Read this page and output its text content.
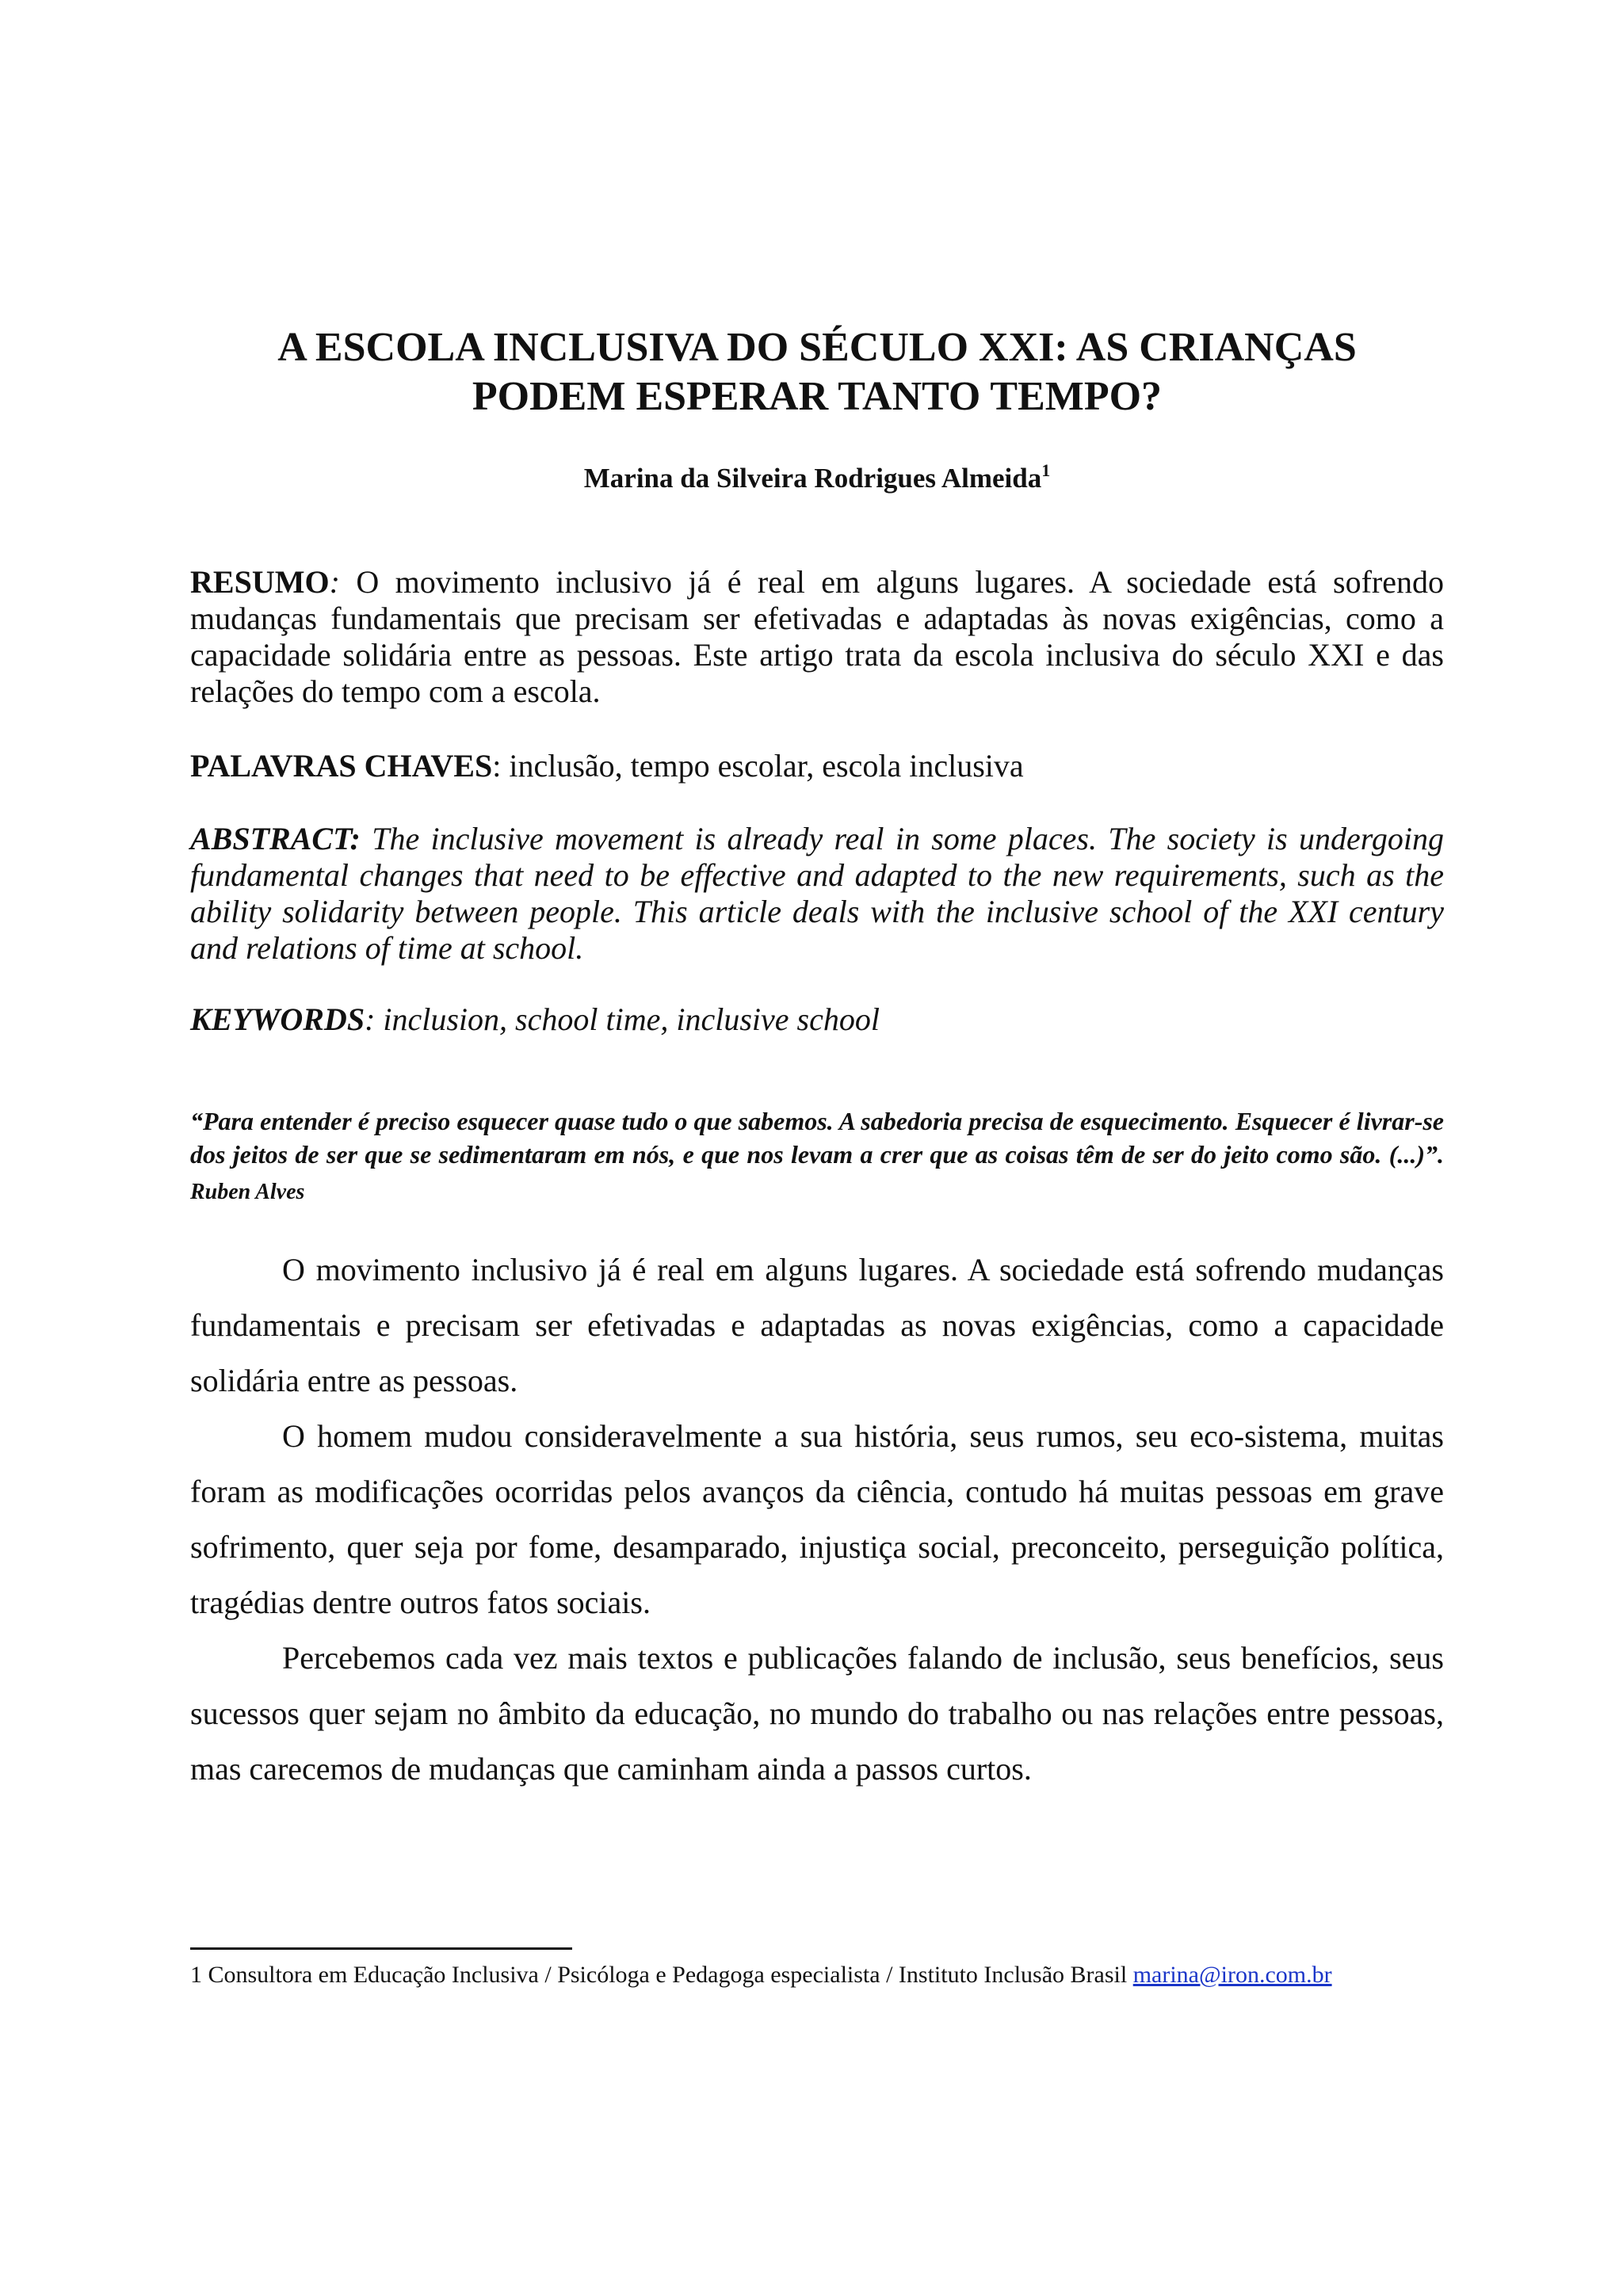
A ESCOLA INCLUSIVA DO SÉCULO XXI: AS CRIANÇAS
PODEM ESPERAR TANTO TEMPO?

Marina da Silveira Rodrigues Almeida$^1$

RESUMO: O movimento inclusivo já é real em alguns lugares. A sociedade está sofrendo mudanças fundamentais que precisam ser efetivadas e adaptadas às novas exigências, como a capacidade solidária entre as pessoas. Este artigo trata da escola inclusiva do século XXI e das relações do tempo com a escola.

PALAVRAS CHAVES: inclusão, tempo escolar, escola inclusiva

ABSTRACT: The inclusive movement is already real in some places. The society is undergoing fundamental changes that need to be effective and adapted to the new requirements, such as the ability solidarity between people. This article deals with the inclusive school of the XXI century and relations of time at school.

KEYWORDS: inclusion, school time, inclusive school

“Para entender é preciso esquecer quase tudo o que sabemos. A sabedoria precisa de esquecimento. Esquecer é livrar-se dos jeitos de ser que se sedimentaram em nós, e que nos levam a crer que as coisas têm de ser do jeito como são. (...)”. Ruben Alves

O movimento inclusivo já é real em alguns lugares. A sociedade está sofrendo mudanças fundamentais e precisam ser efetivadas e adaptadas as novas exigências, como a capacidade solidária entre as pessoas.

O homem mudou consideravelmente a sua história, seus rumos, seu eco-sistema, muitas foram as modificações ocorridas pelos avanços da ciência, contudo há muitas pessoas em grave sofrimento, quer seja por fome, desamparado, injustiça social, preconceito, perseguição política, tragédias dentre outros fatos sociais.

Percebemos cada vez mais textos e publicações falando de inclusão, seus benefícios, seus sucessos quer sejam no âmbito da educação, no mundo do trabalho ou nas relações entre pessoas, mas carecemos de mudanças que caminham ainda a passos curtos.

1 Consultora em Educação Inclusiva / Psicóloga e Pedagoga especialista / Instituto Inclusão Brasil marina@iron.com.br
